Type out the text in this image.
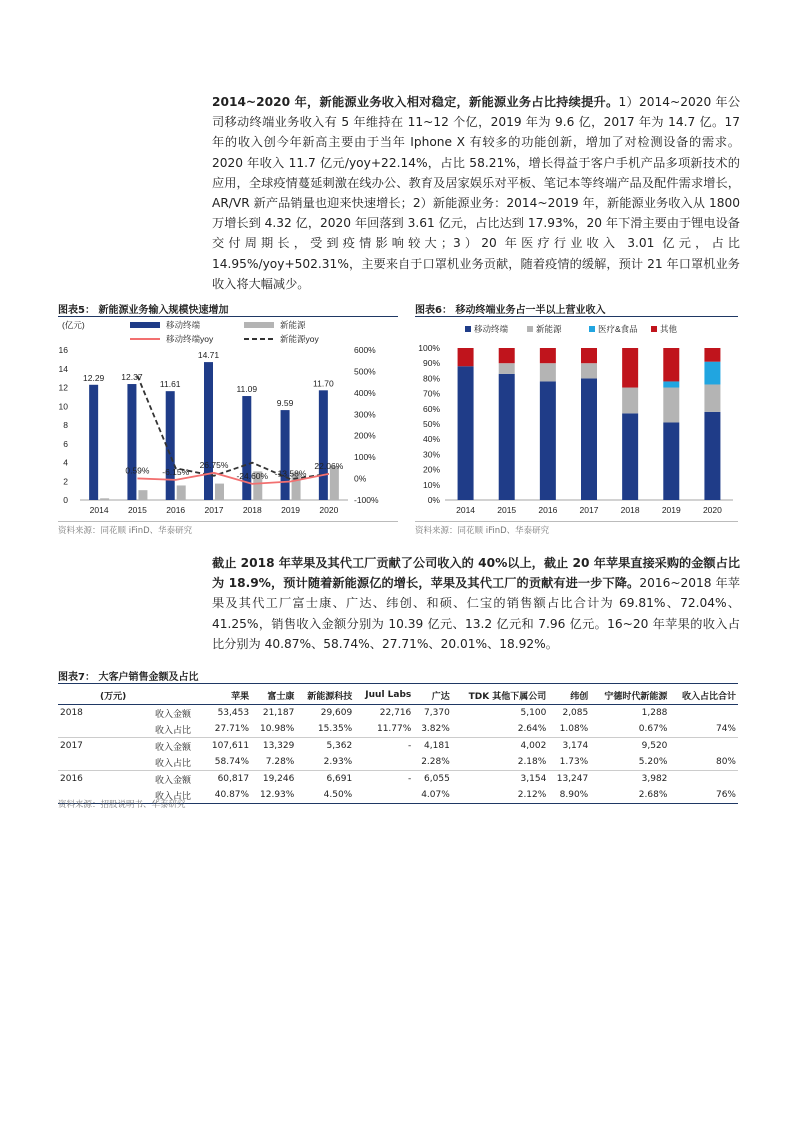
2014~2020 年，新能源业务收入相对稳定，新能源业务占比持续提升。1）2014~2020 年公司移动终端业务收入有 5 年维持在 11~12 个亿，2019 年为 9.6 亿，2017 年为 14.7 亿。17 年的收入创今年新高主要由于当年 Iphone X 有较多的功能创新，增加了对检测设备的需求。2020 年收入 11.7 亿元/yoy+22.14%，占比 58.21%，增长得益于客户手机产品多项新技术的应用，全球疫情蔓延刺激在线办公、教育及居家娱乐对平板、笔记本等终端产品及配件需求增长，AR/VR 新产品销量也迎来快速增长；2）新能源业务：2014~2019 年，新能源业务收入从 1800 万增长到 4.32 亿，2020 年回落到 3.61 亿元，占比达到 17.93%，20 年下滑主要由于锂电设备交付周期长，受到疫情影响较大；3）20 年医疗行业收入 3.01 亿元，占比 14.95%/yoy+502.31%，主要来自于口罩机业务贡献，随着疫情的缓解，预计 21 年口罩机业务收入将大幅减少。

图表5： 新能源业务输入规模快速增加
(亿元)	移动终端	新能源
移动终端yoy	新能源yoy
0
2
4
6
8
10
12
14
16
-100%
0%
100%
200%
300%
400%
500%
600%
2014 2015 2016 2017 2018 2019 2020
12.29 12.37
11.61
14.71
11.09
9.59
11.70
0.59% -6.15%
26.75%
-24.60% -13.58%
22.06%
资料来源：同花顺 iFinD、华泰研究
图表6： 移动终端业务占一半以上营业收入
移动终端	新能源	医疗&食品	其他
0%
10%
20%
30%
40%
50%
60%
70%
80%
90%
100%
2014	2015	2016	2017	2018	2019	2020
资料来源：同花顺 iFinD、华泰研究

截止 2018 年苹果及其代工厂贡献了公司收入的 40%以上，截止 20 年苹果直接采购的金额占比为 18.9%，预计随着新能源亿的增长，苹果及其代工厂的贡献有进一步下降。2016~2018 年苹果及其代工厂富士康、广达、纬创、和硕、仁宝的销售额占比合计为 69.81%、72.04%、41.25%，销售收入金额分别为 10.39 亿元、13.2 亿元和 7.96 亿元。16~20 年苹果的收入占比分别为 40.87%、58.74%、27.71%、20.01%、18.92%。

图表7： 大客户销售金额及占比
(万元)		苹果	富士康	新能源科技	Juul Labs	广达	TDK 其他下属公司	纬创	宁德时代新能源	收入占比合计
2018	收入金额	53,453	21,187	29,609	22,716	7,370	5,100	2,085	1,288	
	收入占比	27.71%	10.98%	15.35%	11.77%	3.82%	2.64%	1.08%	0.67%	74%
2017	收入金额	107,611	13,329	5,362	-	4,181	4,002	3,174	9,520	
	收入占比	58.74%	7.28%	2.93%		2.28%	2.18%	1.73%	5.20%	80%
2016	收入金额	60,817	19,246	6,691	-	6,055	3,154	13,247	3,982	
	收入占比	40.87%	12.93%	4.50%		4.07%	2.12%	8.90%	2.68%	76%
资料来源：招股说明书、华泰研究
